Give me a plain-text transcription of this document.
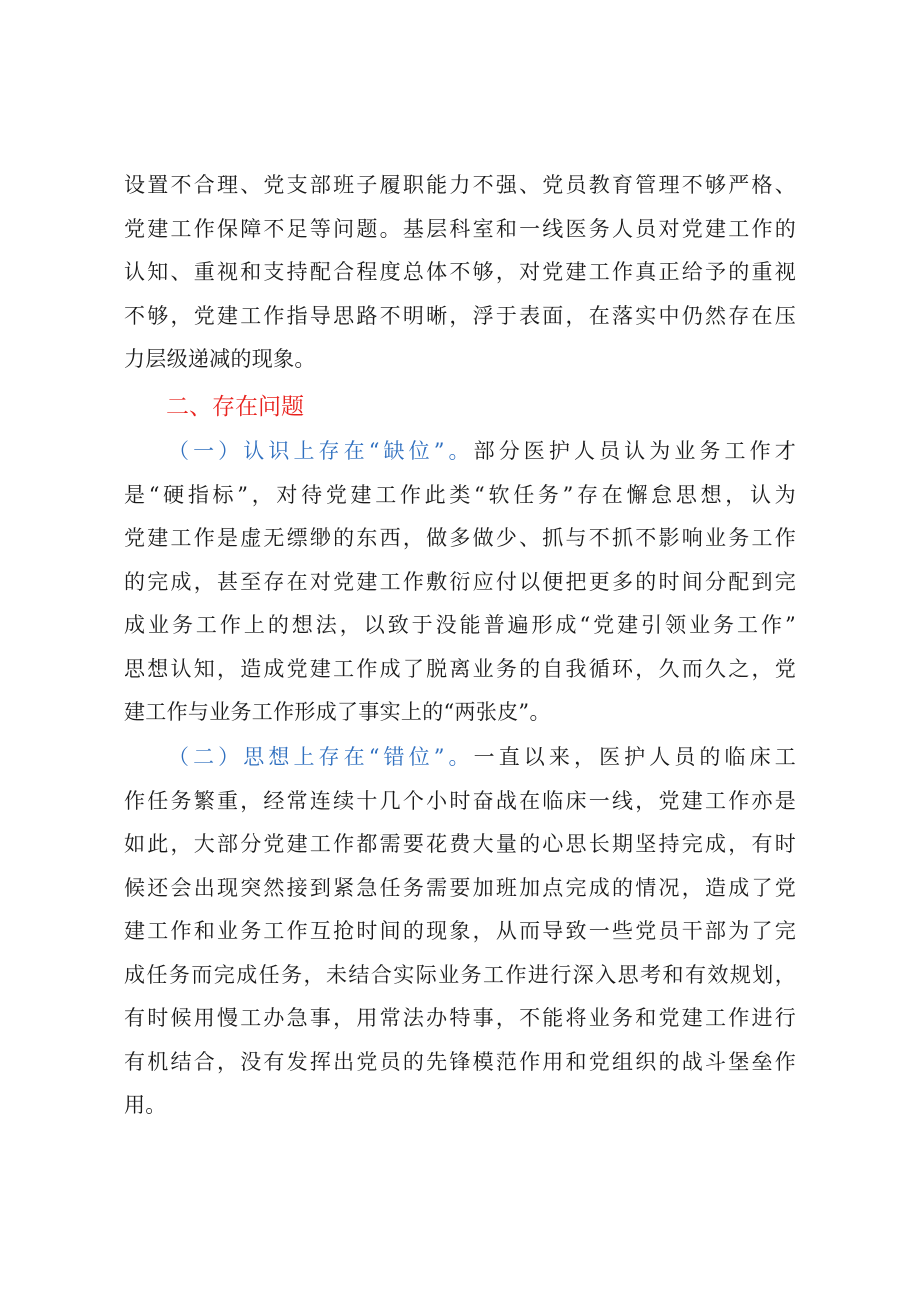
设置不合理、党支部班子履职能力不强、党员教育管理不够严格、
党建工作保障不足等问题。基层科室和一线医务人员对党建工作的
认知、重视和支持配合程度总体不够，对党建工作真正给予的重视
不够，党建工作指导思路不明晰，浮于表面，在落实中仍然存在压
力层级递减的现象。
二、存在问题
（一）认识上存在“缺位”。部分医护人员认为业务工作才
是“硬指标”，对待党建工作此类“软任务”存在懈怠思想，认为
党建工作是虚无缥缈的东西，做多做少、抓与不抓不影响业务工作
的完成，甚至存在对党建工作敷衍应付以便把更多的时间分配到完
成业务工作上的想法，以致于没能普遍形成“党建引领业务工作”
思想认知，造成党建工作成了脱离业务的自我循环，久而久之，党
建工作与业务工作形成了事实上的“两张皮”。
（二）思想上存在“错位”。一直以来，医护人员的临床工
作任务繁重，经常连续十几个小时奋战在临床一线，党建工作亦是
如此，大部分党建工作都需要花费大量的心思长期坚持完成，有时
候还会出现突然接到紧急任务需要加班加点完成的情况，造成了党
建工作和业务工作互抢时间的现象，从而导致一些党员干部为了完
成任务而完成任务，未结合实际业务工作进行深入思考和有效规划，
有时候用慢工办急事，用常法办特事，不能将业务和党建工作进行
有机结合，没有发挥出党员的先锋模范作用和党组织的战斗堡垒作
用。
